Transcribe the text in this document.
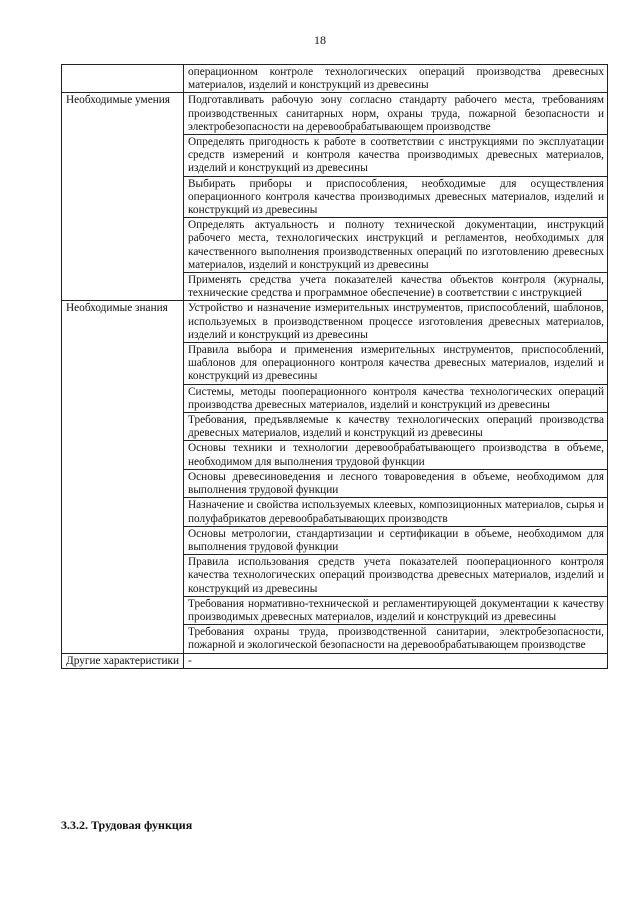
18
	операционном контроле технологических операций производства древесных материалов, изделий и конструкций из древесины
Необходимые умения	Подготавливать рабочую зону согласно стандарту рабочего места, требованиям производственных санитарных норм, охраны труда, пожарной безопасности и электробезопасности на деревообрабатывающем производстве
	Определять пригодность к работе в соответствии с инструкциями по эксплуатации средств измерений и контроля качества производимых древесных материалов, изделий и конструкций из древесины
	Выбирать приборы и приспособления, необходимые для осуществления операционного контроля качества производимых древесных материалов, изделий и конструкций из древесины
	Определять актуальность и полноту технической документации, инструкций рабочего места, технологических инструкций и регламентов, необходимых для качественного выполнения производственных операций по изготовлению древесных материалов, изделий и конструкций из древесины
	Применять средства учета показателей качества объектов контроля (журналы, технические средства и программное обеспечение) в соответствии с инструкцией
Необходимые знания	Устройство и назначение измерительных инструментов, приспособлений, шаблонов, используемых в производственном процессе изготовления древесных материалов, изделий и конструкций из древесины
	Правила выбора и применения измерительных инструментов, приспособлений, шаблонов для операционного контроля качества древесных материалов, изделий и конструкций из древесины
	Системы, методы пооперационного контроля качества технологических операций производства древесных материалов, изделий и конструкций из древесины
	Требования, предъявляемые к качеству технологических операций производства древесных материалов, изделий и конструкций из древесины
	Основы техники и технологии деревообрабатывающего производства в объеме, необходимом для выполнения трудовой функции
	Основы древесиноведения и лесного товароведения в объеме, необходимом для выполнения трудовой функции
	Назначение и свойства используемых клеевых, композиционных материалов, сырья и полуфабрикатов деревообрабатывающих производств
	Основы метрологии, стандартизации и сертификации в объеме, необходимом для выполнения трудовой функции
	Правила использования средств учета показателей пооперационного контроля качества технологических операций производства древесных материалов, изделий и конструкций из древесины
	Требования нормативно-технической и регламентирующей документации к качеству производимых древесных материалов, изделий и конструкций из древесины
	Требования охраны труда, производственной санитарии, электробезопасности, пожарной и экологической безопасности на деревообрабатывающем производстве
Другие характеристики	-
3.3.2. Трудовая функция
